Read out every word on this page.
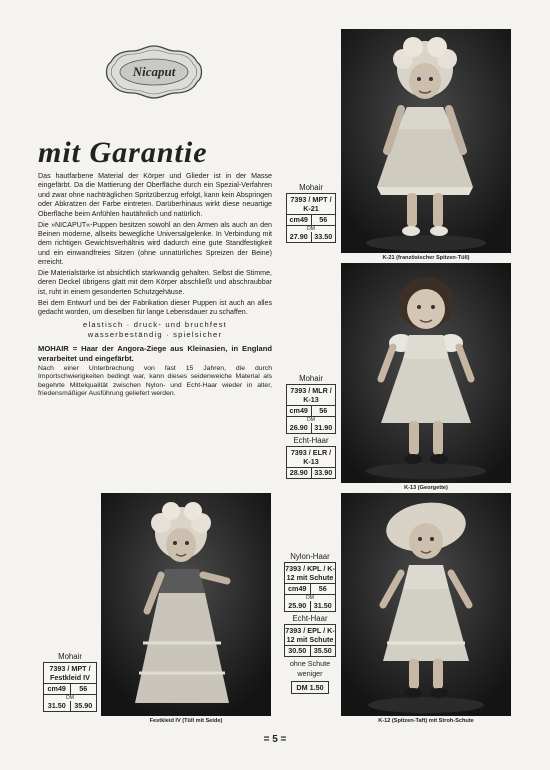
Nicaput
mit Garantie

Das hautfarbene Material der Körper und Glieder ist in der Masse eingefärbt. Da die Mattierung der Oberfläche durch ein Spezial-Verfahren und zwar ohne nachträglichen Spritzüberzug erfolgt, kann kein Abspringen oder Abkratzen der Farbe eintreten. Darüberhinaus wirkt diese neuartige Oberfläche beim Anfühlen hautähnlich und natürlich.

Die »NICAPUT«-Puppen besitzen sowohl an den Armen als auch an den Beinen moderne, allseits bewegliche Universalgelenke. In Verbindung mit dem richtigen Gewichtsverhältnis wird dadurch eine gute Standfestigkeit und ein einwandfreies Sitzen (ohne unnatürliches Spreizen der Beine) erreicht.

Die Materialstärke ist absichtlich starkwandig gehalten. Selbst die Stimme, deren Deckel übrigens glatt mit dem Körper abschließt und abschraubbar ist, ruht in einem gesonderten Schutzgehäuse.

Bei dem Entwurf und bei der Fabrikation dieser Puppen ist auch an alles gedacht worden, um dieselben für lange Lebensdauer zu schaffen.

elastisch · druck- und bruchfest
wasserbeständig · spielsicher

MOHAIR = Haar der Angora-Ziege aus Kleinasien, in England verarbeitet und eingefärbt.

Nach einer Unterbrechung von fast 15 Jahren, die durch Importschwierigkeiten bedingt war, kann dieses seidenweiche Material als begehrte Mittelqualität zwischen Nylon- und Echt-Haar wieder in alter, friedensmäßiger Ausführung geliefert werden.

K-21 (französischer Spitzen-Tüll)
Mohair
7393 / MPT / K-21
cm49	56
DM
27.90 33.50
K-13 (Georgette)
Mohair
7393 / MLR / K-13
cm49	56
DM
26.90 31.90
Echt-Haar
7393 / ELR / K-13
28.90 33.90
Festkleid IV (Tüll mit Seide)
Mohair
7393 / MPT / Festkleid IV
cm49	56
DM
31.50	35.90
K-12 (Spitzen-Taft) mit Stroh-Schute
Nylon-Haar
7393 / KPL / K-12 mit Schute
cm49	56
DM
25.90	31.50
Echt-Haar
7393 / EPL / K-12 mit Schute
30.50	35.50
ohne Schute weniger
DM 1.50
= 5 =
